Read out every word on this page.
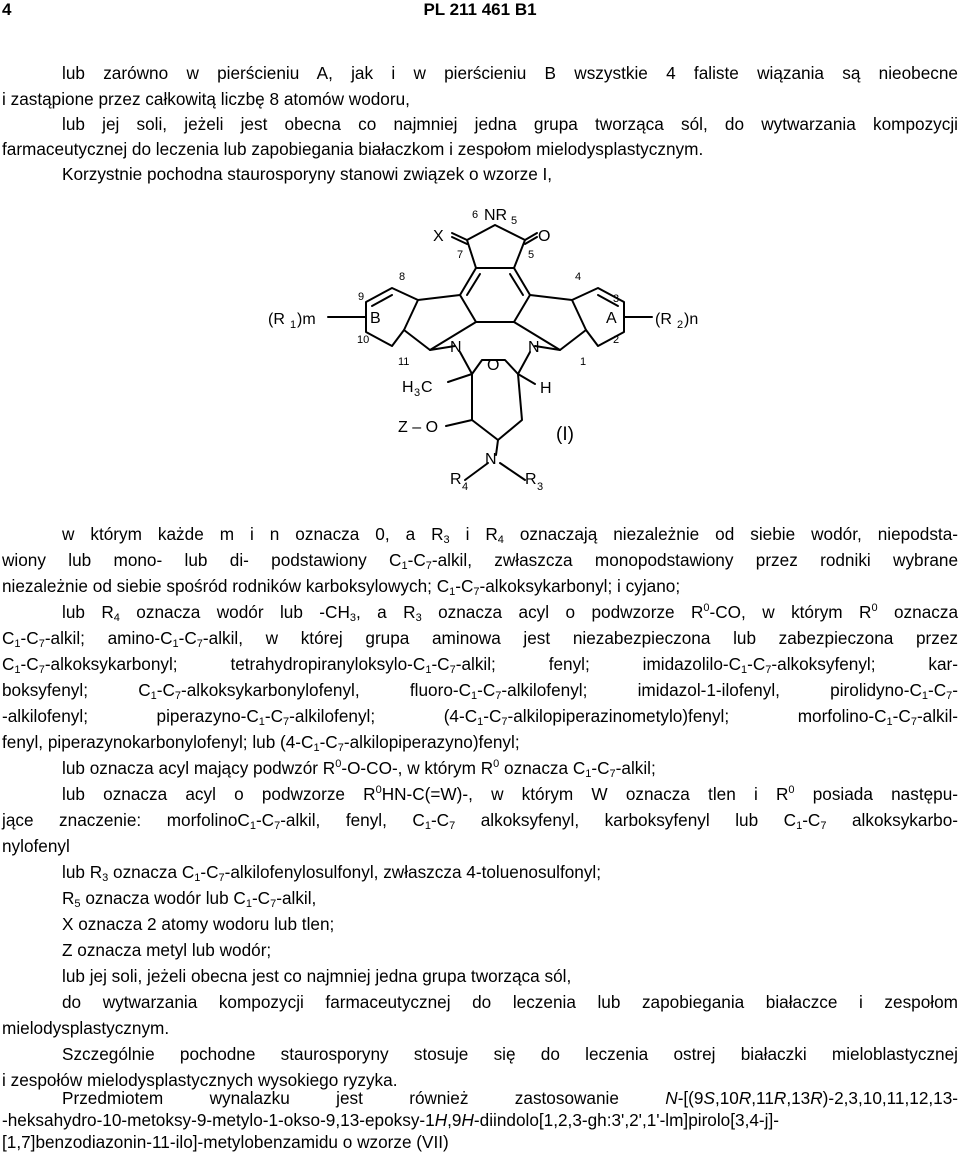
4	PL 211 461 B1
lub zarówno w pierścieniu A, jak i w pierścieniu B wszystkie 4 faliste wiązania są nieobecne
i zastąpione przez całkowitą liczbę 8 atomów wodoru,
lub jej soli, jeżeli jest obecna co najmniej jedna grupa tworząca sól, do wytwarzania kompozycji
farmaceutycznej do leczenia lub zapobiegania białaczkom i zespołom mielodysplastycznym.
Korzystnie pochodna staurosporyny stanowi związek o wzorze I,
NR 5
6
X	O
7	5
8
9
10
11
4
3
2
1
B	A
(R 1 )m	(R 2 )n
N	N
O
H 3 C	H
Z – O
N
R 4	R 3
(I)
w którym każde m i n oznacza 0, a $R_3$ i $R_4$ oznaczają niezależnie od siebie wodór, niepodsta-
wiony lub mono- lub di- podstawiony $C_1-C_7$-alkil, zwłaszcza monopodstawiony przez rodniki wybrane
niezależnie od siebie spośród rodników karboksylowych; $C_1-C_7$-alkoksykarbonyl; i cyjano;
lub $R_4$ oznacza wodór lub $-CH_3$, a $R_3$ oznacza acyl o podwzorze $R^0-CO$, w którym $R^0$ oznacza
$C_1-C_7$-alkil; amino-$C_1-C_7$-alkil, w której grupa aminowa jest niezabezpieczona lub zabezpieczona przez
$C_1-C_7$-alkoksykarbonyl; tetrahydropiranyloksylo-$C_1-C_7$-alkil; fenyl; imidazolilo-$C_1-C_7$-alkoksyfenyl; kar-
boksyfenyl; $C_1-C_7$-alkoksykarbonylofenyl, fluoro-$C_1-C_7$-alkilofenyl; imidazol-1-ilofenyl, pirolidyno-$C_1-C_7-$
-alkilofenyl; piperazyno-$C_1-C_7$-alkilofenyl; $(4-C_1-C_7-alkilopiperazinometylo)fenyl$; morfolino-$C_1-C_7-alkil-$
fenyl, piperazynokarbonylofenyl; lub $(4-C_1-C_7-alkilopiperazyno)fenyl$;
lub oznacza acyl mający podwzór $R^0-O-CO-$, w którym $R^0$ oznacza $C_1-C_7$-alkil;
lub oznacza acyl o podwzorze $R^0HN-C(=W)-$, w którym W oznacza tlen i $R^0$ posiada następu-
jące znaczenie: $morfolinoC_1-C_7$-alkil, fenyl, $C_1-C_7$ alkoksyfenyl, karboksyfenyl lub $C_1-C_7$ alkoksykarbo-
nylofenyl
lub $R_3$ oznacza $C_1-C_7$-alkilofenylosulfonyl, zwłaszcza 4-toluenosulfonyl;
$R_5$ oznacza wodór lub $C_1-C_7$-alkil,
X oznacza 2 atomy wodoru lub tlen;
Z oznacza metyl lub wodór;
lub jej soli, jeżeli obecna jest co najmniej jedna grupa tworząca sól,
do wytwarzania kompozycji farmaceutycznej do leczenia lub zapobiegania białaczce i zespołom
mielodysplastycznym.
Szczególnie pochodne staurosporyny stosuje się do leczenia ostrej białaczki mieloblastycznej
i zespołów mielodysplastycznych wysokiego ryzyka.
Przedmiotem wynalazku jest również zastosowanie N-[(9S,10R,11R,13R)-2,3,10,11,12,13-
-heksahydro-10-metoksy-9-metylo-1-okso-9,13-epoksy-1H,9H-diindolo[1,2,3-gh:3',2',1'-lm]pirolo[3,4-j]-
[1,7]benzodiazonin-11-ilo]-metylobenzamidu o wzorze (VII)
